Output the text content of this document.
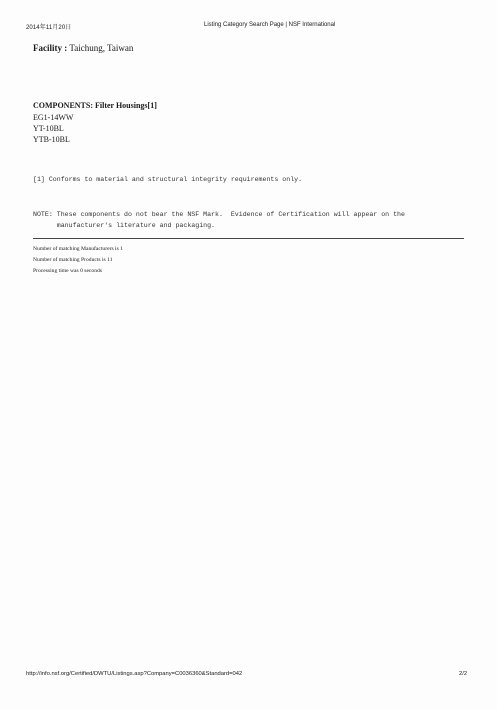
2014年11月20日	Listing Category Search Page | NSF International
Facility : Taichung, Taiwan
COMPONENTS: Filter Housings[1]
EG1-14WW
YT-10BL
YTB-10BL
[1] Conforms to material and structural integrity requirements only.
NOTE: These components do not bear the NSF Mark.  Evidence of Certification will appear on the
manufacturer's literature and packaging.
Number of matching Manufacturers is 1
Number of matching Products is 11
Processing time was 0 seconds
http://info.nsf.org/Certified/DWTU/Listings.asp?Company=C0036360&Standard=042	2/2
